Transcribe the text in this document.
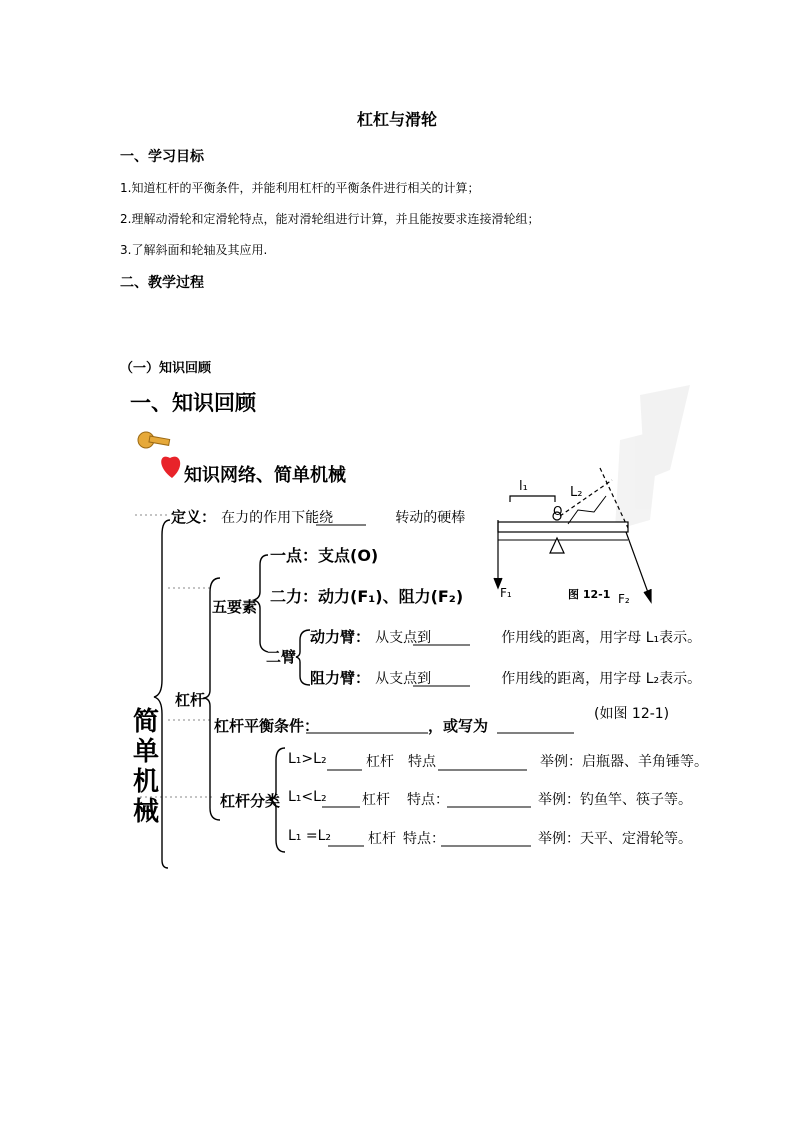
杠杠与滑轮
一、学习目标
1.知道杠杆的平衡条件，并能利用杠杆的平衡条件进行相关的计算；
2.理解动滑轮和定滑轮特点，能对滑轮组进行计算，并且能按要求连接滑轮组；
3.了解斜面和轮轴及其应用.
二、教学过程
（一）知识回顾
一、知识回顾
l₁	L₂
O
F₁	图 12-1 F₂
知识网络、简单机械
定义： 在力的作用下能绕	转动的硬棒
简
单
机
械
杠杆
五要素
一点：支点(O)
二力：动力(F₁)、阻力(F₂)
二臂
动力臂： 从支点到	作用线的距离，用字母 L₁表示。
阻力臂： 从支点到	作用线的距离，用字母 L₂表示。
杠杆平衡条件：	，或写为
(如图 12-1)
杠杆分类
L₁>L₂	杠杆 特点	举例：启瓶器、羊角锤等。
L₁<L₂	杠杆 特点：	举例：钓鱼竿、筷子等。
L₁ =L₂	杠杆 特点：	举例：天平、定滑轮等。
